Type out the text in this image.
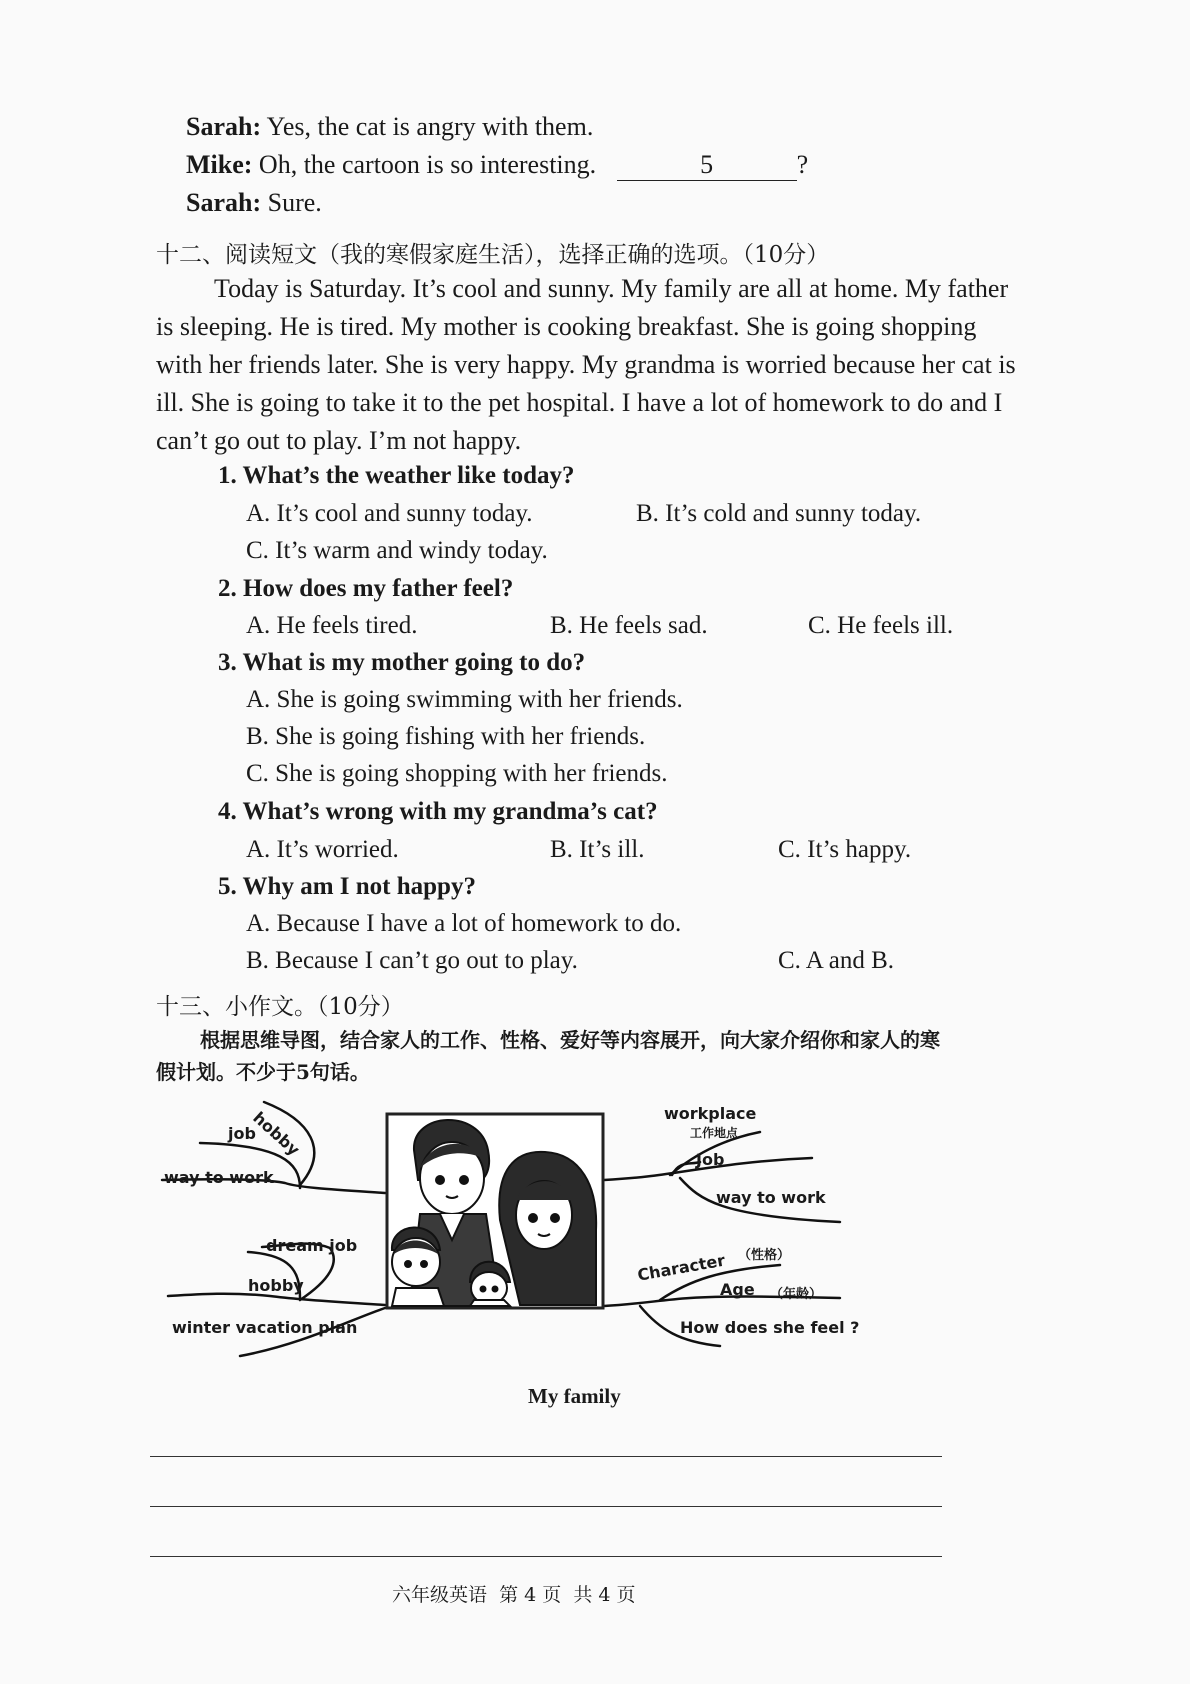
Sarah: Yes, the cat is angry with them.
Mike: Oh, the cartoon is so interesting.	5	?
Sarah: Sure.
十二、阅读短文（我的寒假家庭生活），选择正确的选项。（10分）
Today is Saturday. It’s cool and sunny. My family are all at home. My father is sleeping. He is tired. My mother is cooking breakfast. She is going shopping with her friends later. She is very happy. My grandma is worried because her cat is ill. She is going to take it to the pet hospital. I have a lot of homework to do and I can’t go out to play. I’m not happy.
1. What’s the weather like today?
A. It’s cool and sunny today.	B. It’s cold and sunny today.
C. It’s warm and windy today.
2. How does my father feel?
A. He feels tired.	B. He feels sad.	C. He feels ill.
3. What is my mother going to do?
A. She is going swimming with her friends.
B. She is going fishing with her friends.
C. She is going shopping with her friends.
4. What’s wrong with my grandma’s cat?
A. It’s worried.	B. It’s ill.	C. It’s happy.
5. Why am I not happy?
A. Because I have a lot of homework to do.
B. Because I can’t go out to play.	C. A and B.
十三、小作文。（10分）
根据思维导图，结合家人的工作、性格、爱好等内容展开，向大家介绍你和家人的寒
假计划。不少于5句话。
hobby
job
way to work
dream job
hobby
winter vacation plan
workplace
工作地点
Job
way to work
Character （性格）
Age （年龄）
How does she feel ?
My family
六年级英语  第 4 页  共 4 页
